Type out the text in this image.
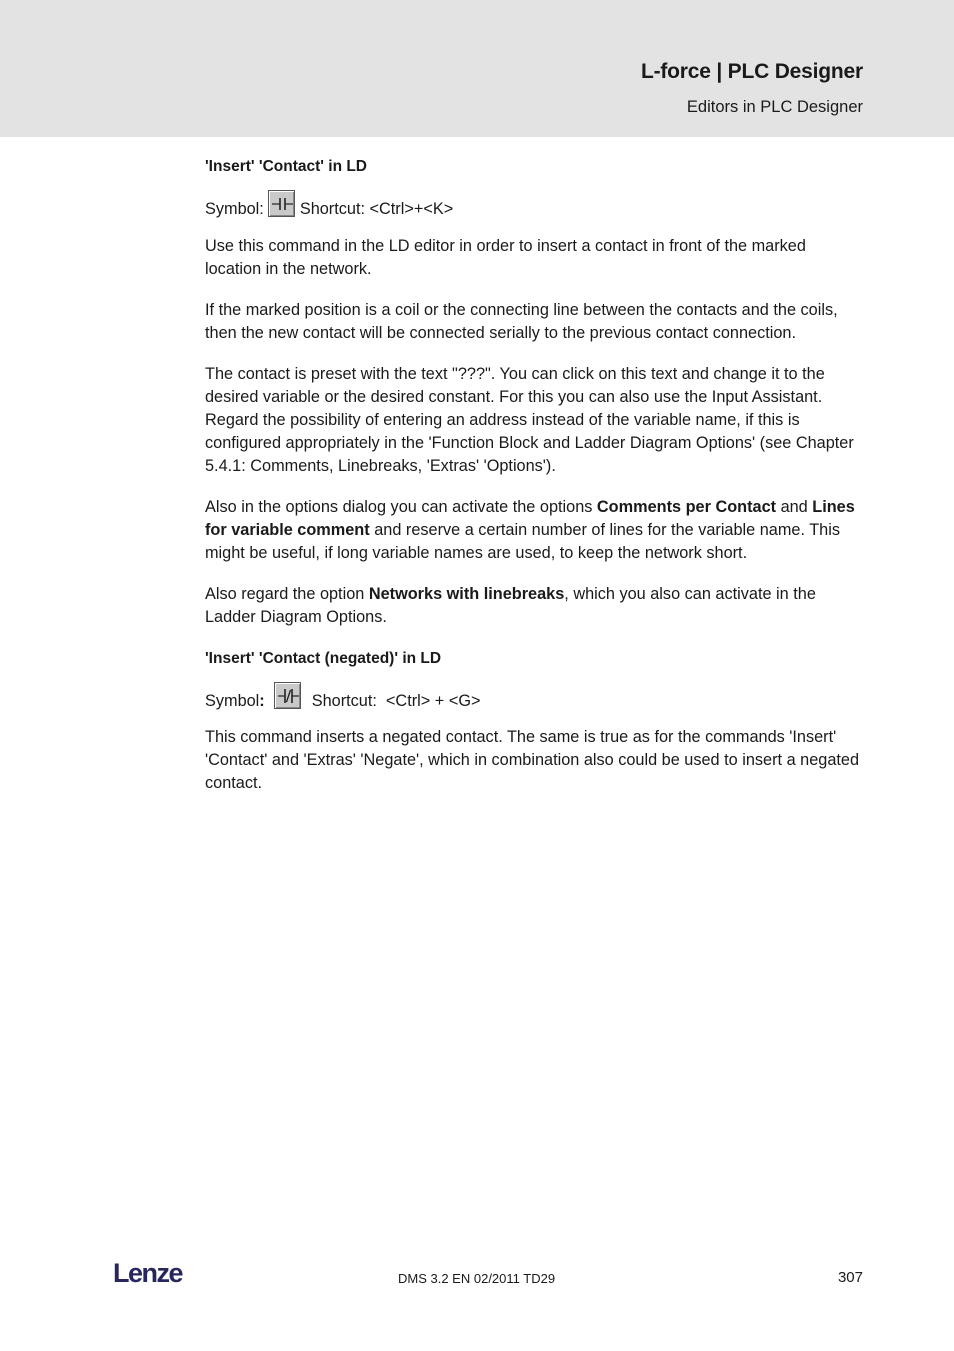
L-force | PLC Designer
Editors in PLC Designer
'Insert' 'Contact' in LD
Symbol:

Shortcut: <Ctrl>+<K>

Use this command in the LD editor in order to insert a contact in front of the marked location in the network.

If the marked position is a coil or the connecting line between the contacts and the coils, then the new contact will be connected serially to the previous contact connection.

The contact is preset with the text "???". You can click on this text and change it to the desired variable or the desired constant. For this you can also use the Input Assistant. Regard the possibility of entering an address instead of the variable name, if this is configured appropriately in the 'Function Block and Ladder Diagram Options' (see Chapter 5.4.1: Comments, Linebreaks, 'Extras' 'Options').

Also in the options dialog you can activate the options Comments per Contact and Lines for variable comment and reserve a certain number of lines for the variable name. This might be useful, if long variable names are used, to keep the network short.

Also regard the option Networks with linebreaks, which you also can activate in the Ladder Diagram Options.

'Insert' 'Contact (negated)' in LD
Symbol :

	Shortcut:  <Ctrl> + <G>

This command inserts a negated contact. The same is true as for the commands 'Insert' 'Contact' and 'Extras' 'Negate', which in combination also could be used to insert a negated contact.

Lenze	DMS 3.2 EN 02/2011 TD29	307
